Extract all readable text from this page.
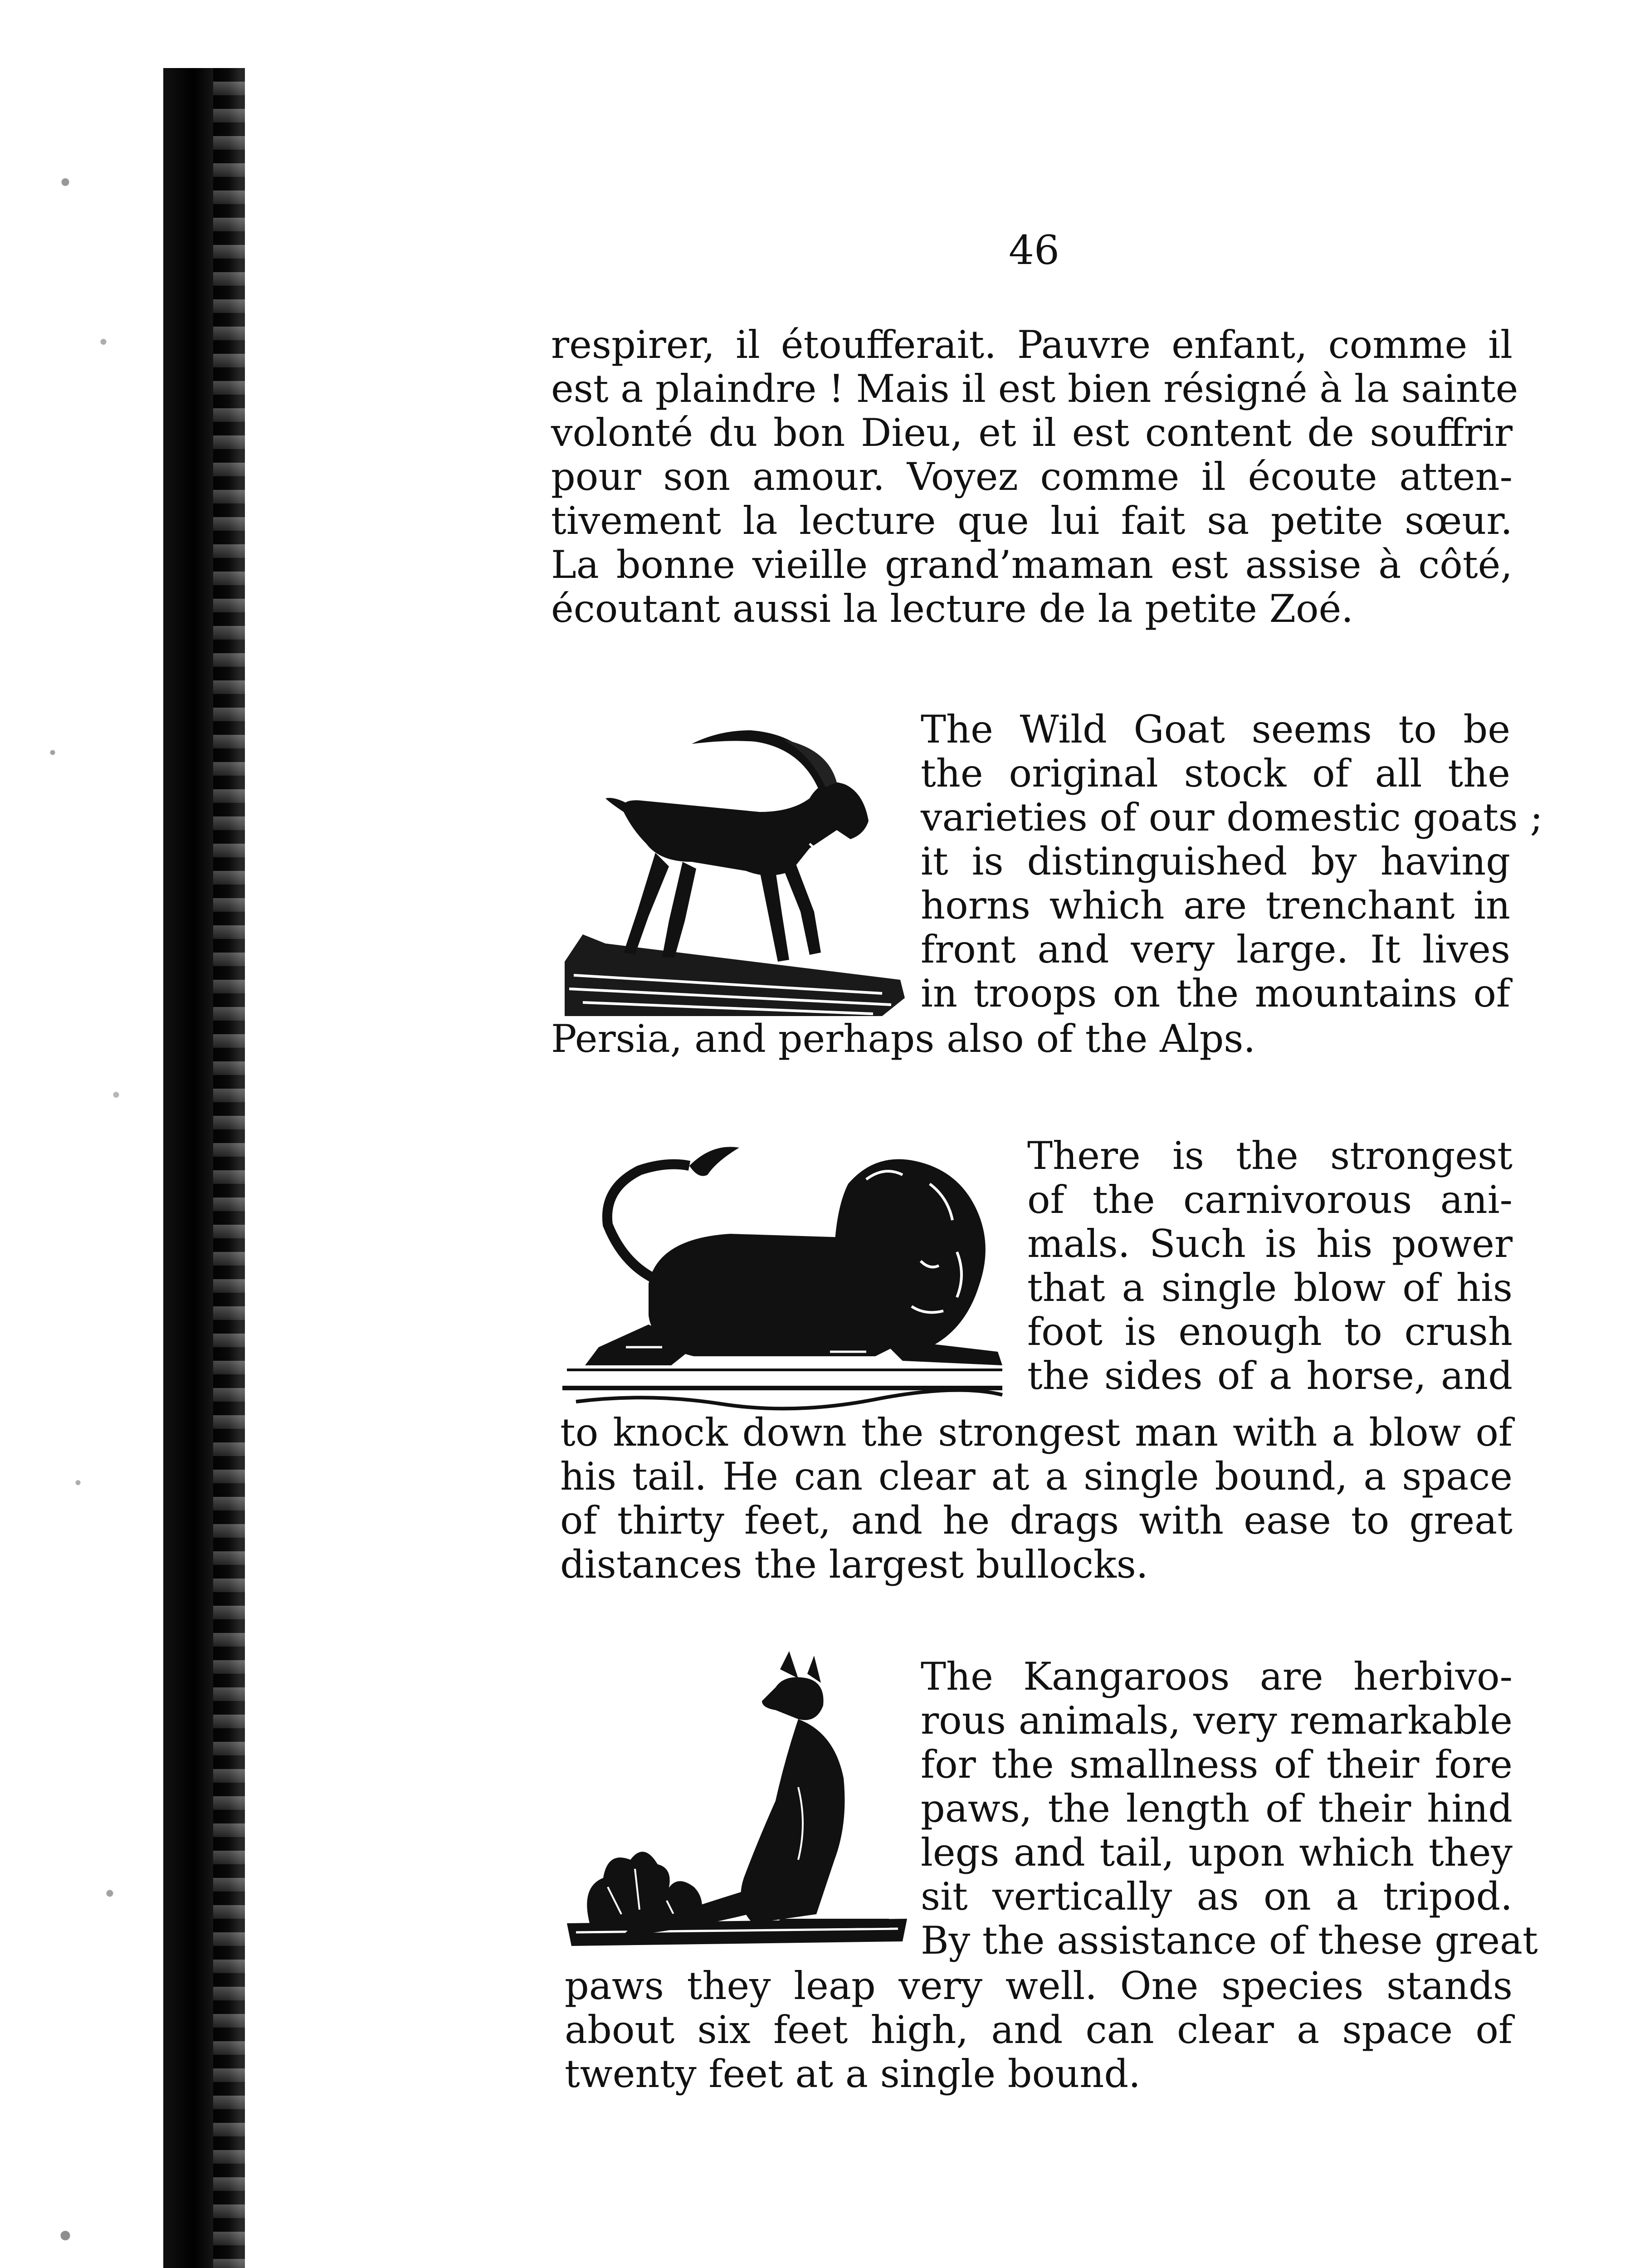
46
respirer, il étoufferait. Pauvre enfant, comme il
est a plaindre ! Mais il est bien résigné à la sainte
volonté du bon Dieu, et il est content de souffrir
pour son amour. Voyez comme il écoute atten-
tivement la lecture que lui fait sa petite sœur.
La bonne vieille grand’maman est assise à côté,
écoutant aussi la lecture de la petite Zoé.
The Wild Goat seems to be
the original stock of all the
varieties of our domestic goats ;
it is distinguished by having
horns which are trenchant in
front and very large. It lives
in troops on the mountains of
Persia, and perhaps also of the Alps.
There is the strongest
of the carnivorous ani-
mals. Such is his power
that a single blow of his
foot is enough to crush
the sides of a horse, and
to knock down the strongest man with a blow of
his tail. He can clear at a single bound, a space
of thirty feet, and he drags with ease to great
distances the largest bullocks.
The Kangaroos are herbivo-
rous animals, very remarkable
for the smallness of their fore
paws, the length of their hind
legs and tail, upon which they
sit vertically as on a tripod.
By the assistance of these great
paws they leap very well. One species stands
about six feet high, and can clear a space of
twenty feet at a single bound.
